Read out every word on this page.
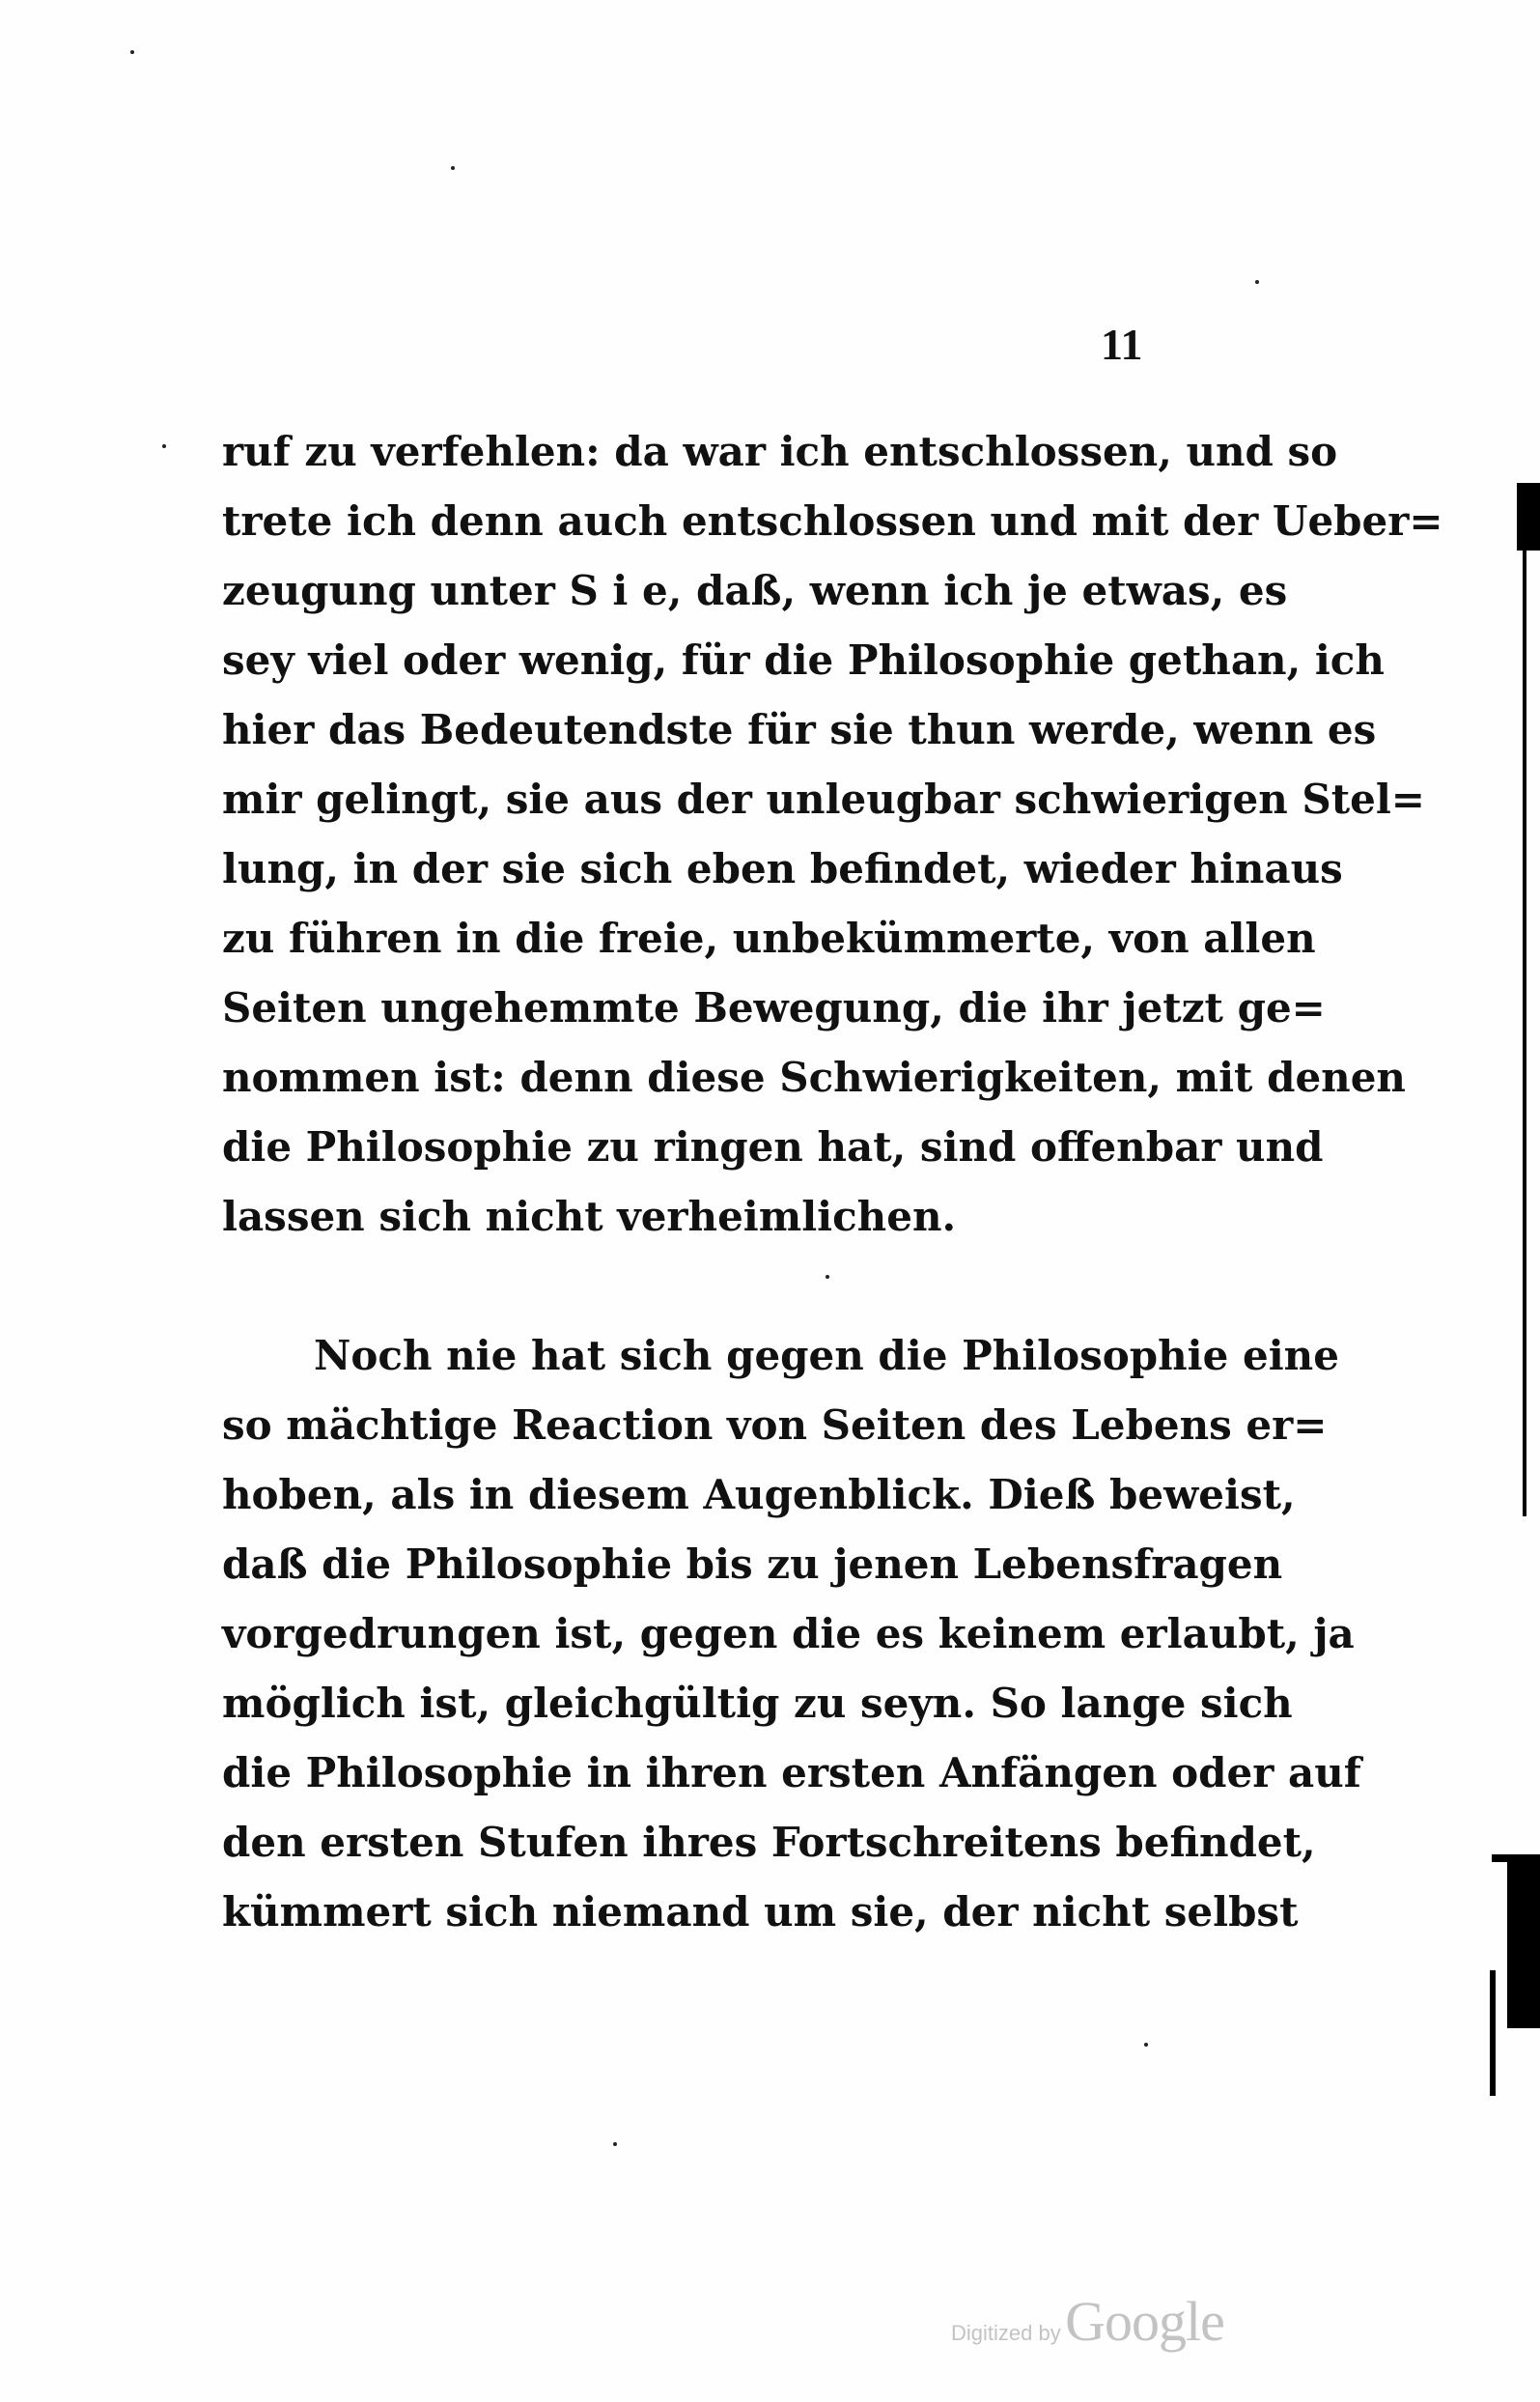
11
ruf zu verfehlen: da war ich entschlossen, und so
trete ich denn auch entschlossen und mit der Ueber=
zeugung unter S i e, daß, wenn ich je etwas, es
sey viel oder wenig, für die Philosophie gethan, ich
hier das Bedeutendste für sie thun werde, wenn es
mir gelingt, sie aus der unleugbar schwierigen Stel=
lung, in der sie sich eben befindet, wieder hinaus
zu führen in die freie, unbekümmerte, von allen
Seiten ungehemmte Bewegung, die ihr jetzt ge=
nommen ist: denn diese Schwierigkeiten, mit denen
die Philosophie zu ringen hat, sind offenbar und
lassen sich nicht verheimlichen.
Noch nie hat sich gegen die Philosophie eine
so mächtige Reaction von Seiten des Lebens er=
hoben, als in diesem Augenblick. Dieß beweist,
daß die Philosophie bis zu jenen Lebensfragen
vorgedrungen ist, gegen die es keinem erlaubt, ja
möglich ist, gleichgültig zu seyn. So lange sich
die Philosophie in ihren ersten Anfängen oder auf
den ersten Stufen ihres Fortschreitens befindet,
kümmert sich niemand um sie, der nicht selbst
Digitized by Google
